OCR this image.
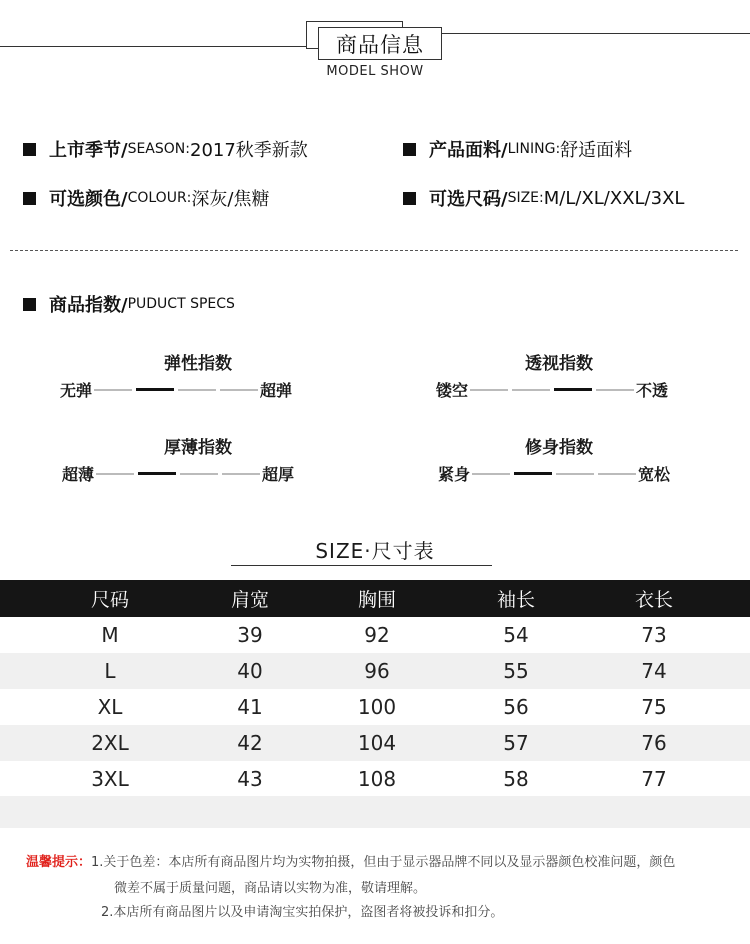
商品信息
MODEL SHOW
上市季节/ SEASON : 2017秋季新款	产品面料/ LINING : 舒适面料
可选颜色/ COLOUR : 深灰/焦糖	可选尺码/ SIZE : M/L/XL/XXL/3XL
商品指数/ PUDUCT SPECS
弹性指数
无弹	超弹
透视指数
镂空	不透
厚薄指数
超薄	超厚
修身指数
紧身	宽松
SIZE·尺寸表
尺码	肩宽	胸围	袖长	衣长
M	39	92	54	73
L	40	96	55	74
XL	41	100	56	75
2XL	42	104	57	76
3XL	43	108	58	77
温馨提示：1.关于色差：本店所有商品图片均为实物拍摄，但由于显示器品牌不同以及显示器颜色校准问题，颜色
微差不属于质量问题，商品请以实物为准，敬请理解。
2.本店所有商品图片以及申请淘宝实拍保护，盗图者将被投诉和扣分。
